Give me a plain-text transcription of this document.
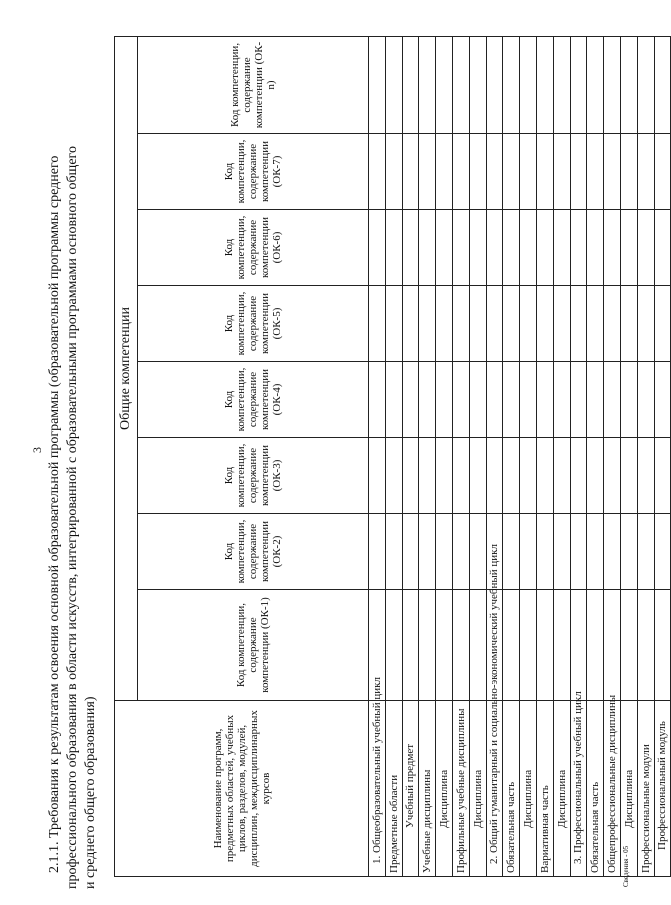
3 2.1.1. Требования к результатам освоения основной образовательной программы (образовательной программы среднего профессионального образования в области искусств, интегрированной с образовательными программами основного общего и среднего общего образования)	Наименование программ, предметных областей, учебных циклов, разделов, модулей, дисциплин, междисциплинарных курсов	Общие компетенции							
	Код компетенции, содержание компетенции (ОК-1)	Код компетенции, содержание компетенции (ОК-2)	Код компетенции, содержание компетенции (ОК-3)	Код компетенции, содержание компетенции (ОК-4)	Код компетенции, содержание компетенции (ОК-5)	Код компетенции, содержание компетенции (ОК-6)	Код компетенции, содержание компетенции (ОК-7)	Код компетенции, содержание компетенции (ОК-n)
1. Общеобразовательный учебный цикл								
Предметные области								
Учебный предмет								
Учебные дисциплины								
Дисциплина								
Профильные учебные дисциплины								
Дисциплина								
2. Общий гуманитарный и социально-экономический учебный цикл								
Обязательная часть								
Дисциплина								
Вариативная часть								
Дисциплина								
3. Профессиональный учебный цикл								
Обязательная часть								
Общепрофессиональные дисциплины								
Дисциплина								
Профессиональные модули								
Профессиональный модуль								
Сведения - 05
